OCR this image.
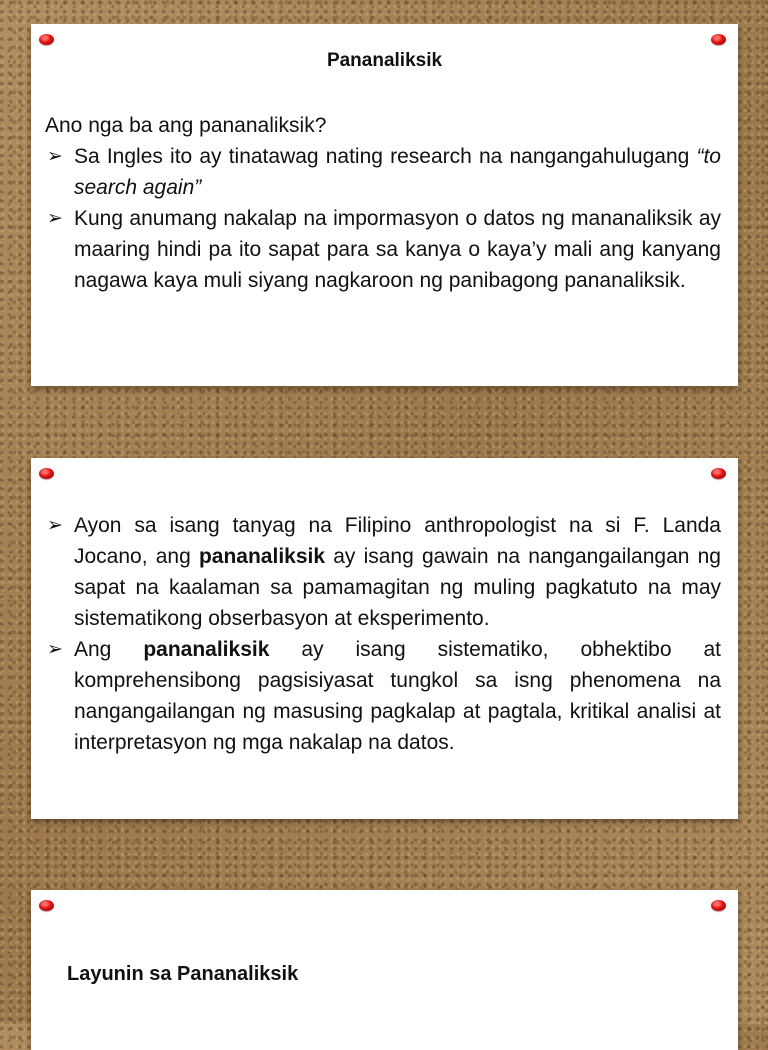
Pananaliksik
Ano nga ba ang pananaliksik?
➢ Sa Ingles ito ay tinatawag nating research na nangangahulugang “to search again”
➢ Kung anumang nakalap na impormasyon o datos ng mananaliksik ay maaring hindi pa ito sapat para sa kanya o kaya’y mali ang kanyang nagawa kaya muli siyang nagkaroon ng panibagong pananaliksik.
➢ Ayon sa isang tanyag na Filipino anthropologist na si F. Landa Jocano, ang pananaliksik ay isang gawain na nangangailangan ng sapat na kaalaman sa pamamagitan ng muling pagkatuto na may sistematikong obserbasyon at eksperimento.
➢ Ang pananaliksik ay isang sistematiko, obhektibo at komprehensibong pagsisiyasat tungkol sa isng phenomena na nangangailangan ng masusing pagkalap at pagtala, kritikal analisi at interpretasyon ng mga nakalap na datos.
Layunin sa Pananaliksik
